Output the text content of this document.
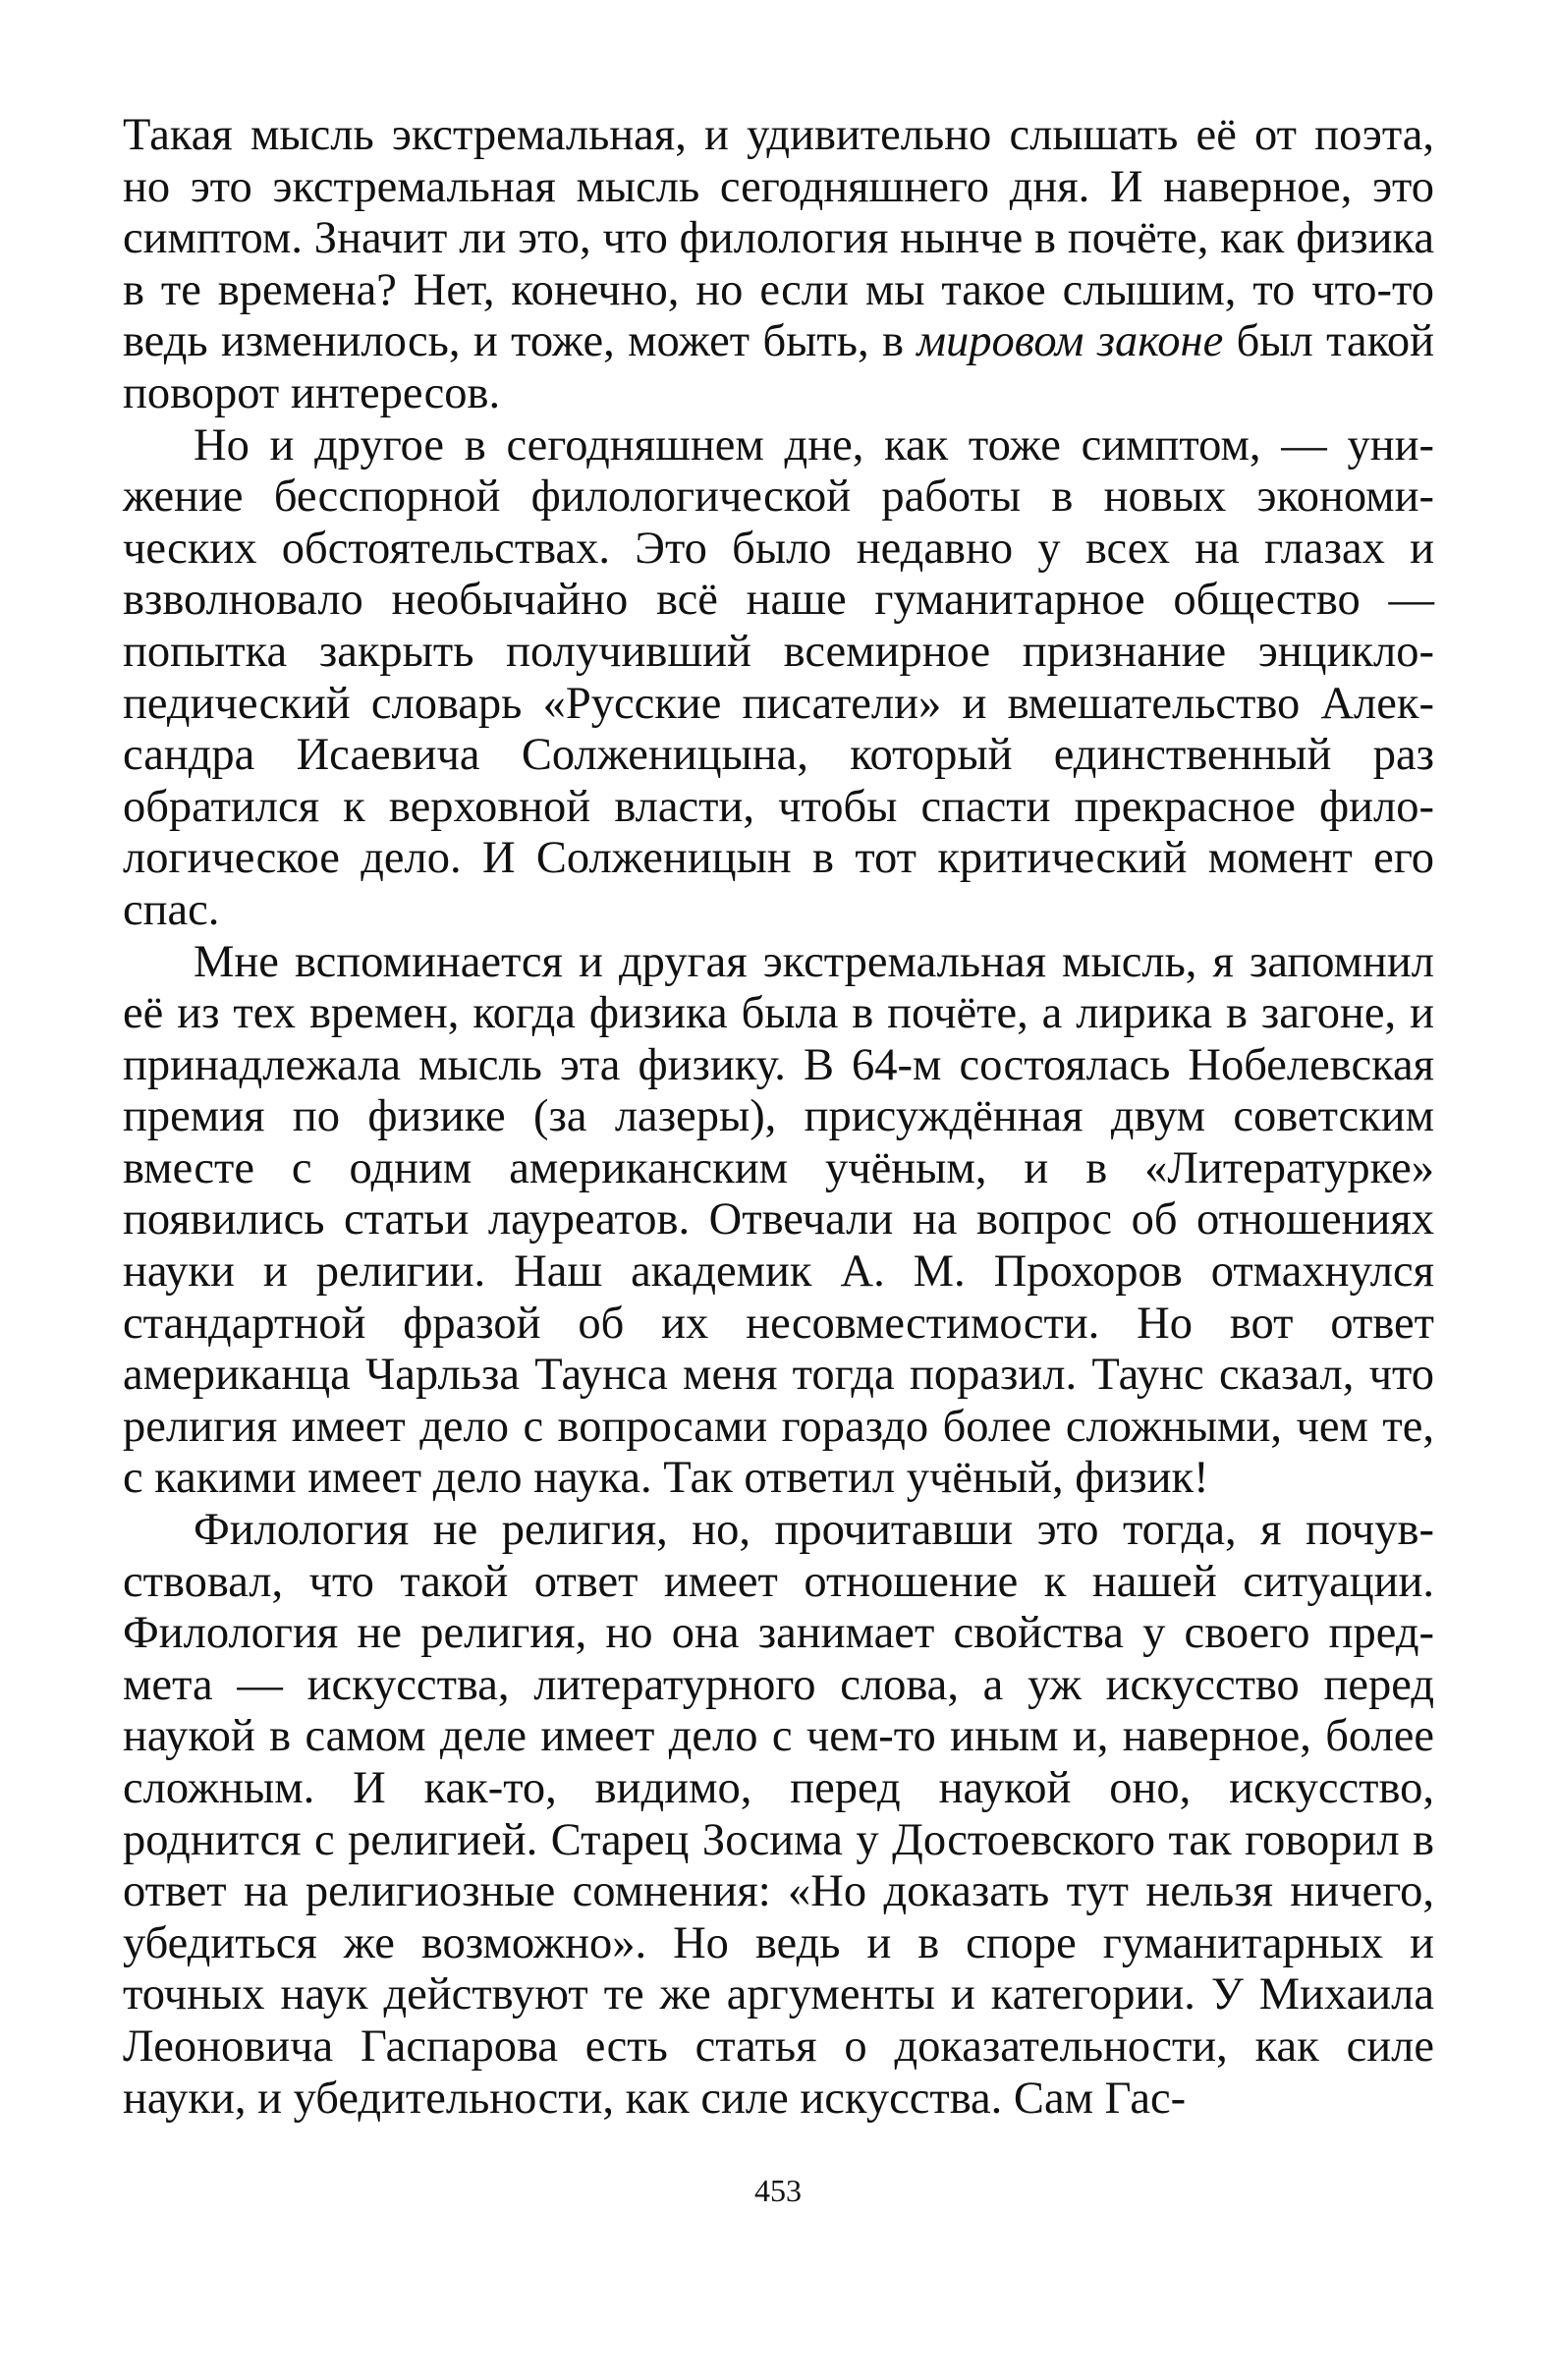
Такая мысль экстремальная, и удивительно слышать её от поэта, но это экстремальная мысль сегодняшнего дня. И наверное, это симптом. Значит ли это, что филология нынче в почёте, как физика в те времена? Нет, конечно, но если мы такое слышим, то что-то ведь изменилось, и тоже, может быть, в мировом законе был такой поворот интересов.

Но и другое в сегодняшнем дне, как тоже симптом, — унижение бесспорной филологической работы в новых экономических обстоятельствах. Это было недавно у всех на глазах и взволновало необычайно всё наше гуманитарное общество — попытка закрыть получивший всемирное признание энциклопедический словарь «Русские писатели» и вмешательство Александра Исаевича Солженицына, который единственный раз обратился к верховной власти, чтобы спасти прекрасное филологическое дело. И Солженицын в тот критический момент его спас.

Мне вспоминается и другая экстремальная мысль, я запомнил её из тех времен, когда физика была в почёте, а лирика в загоне, и принадлежала мысль эта физику. В 64-м состоялась Нобелевская премия по физике (за лазеры), присуждённая двум советским вместе с одним американским учёным, и в «Литературке» появились статьи лауреатов. Отвечали на вопрос об отношениях науки и религии. Наш академик А. М. Прохоров отмахнулся стандартной фразой об их несовместимости. Но вот ответ американца Чарльза Таунса меня тогда поразил. Таунс сказал, что религия имеет дело с вопросами гораздо более сложными, чем те, с какими имеет дело наука. Так ответил учёный, физик!

Филология не религия, но, прочитавши это тогда, я почувствовал, что такой ответ имеет отношение к нашей ситуации. Филология не религия, но она занимает свойства у своего предмета — искусства, литературного слова, а уж искусство перед наукой в самом деле имеет дело с чем-то иным и, наверное, более сложным. И как-то, видимо, перед наукой оно, искусство, роднится с религией. Старец Зосима у Достоевского так говорил в ответ на религиозные сомнения: «Но доказать тут нельзя ничего, убедиться же возможно». Но ведь и в споре гуманитарных и точных наук действуют те же аргументы и категории. У Михаила Леоновича Гаспарова есть статья о доказательности, как силе науки, и убедительности, как силе искусства. Сам Гас-

453
